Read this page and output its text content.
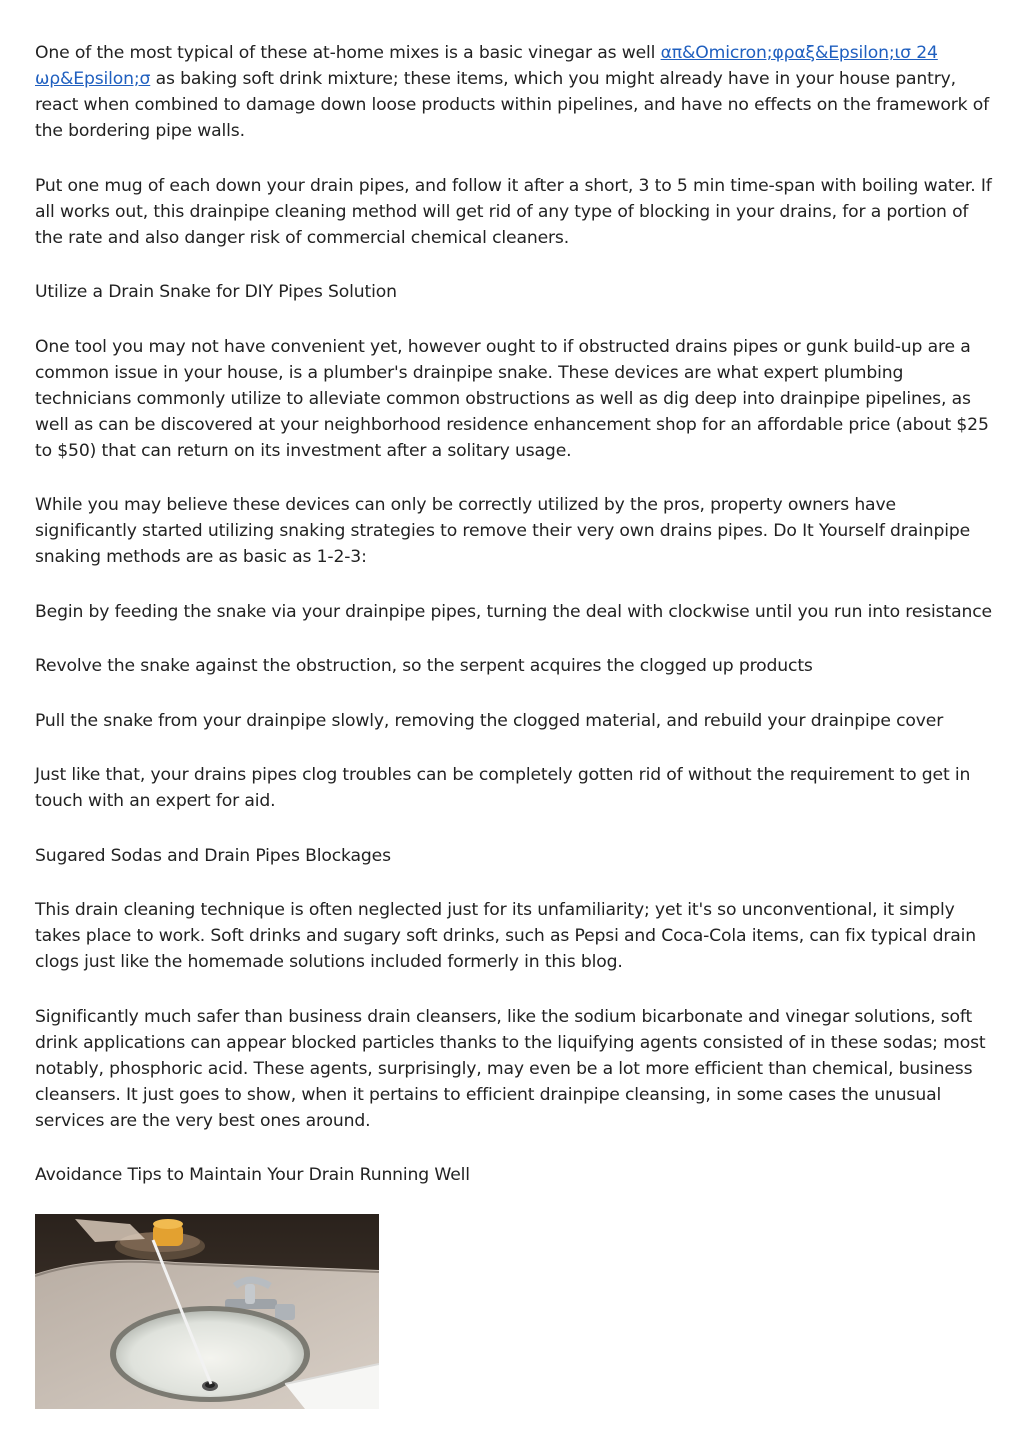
One of the most typical of these at-home mixes is a basic vinegar as well απ&Omicron;φραξ&Epsilon;ισ 24 ωρ&Epsilon;σ as baking soft drink mixture; these items, which you might already have in your house pantry, react when combined to damage down loose products within pipelines, and have no effects on the framework of the bordering pipe walls.

Put one mug of each down your drain pipes, and follow it after a short, 3 to 5 min time-span with boiling water. If all works out, this drainpipe cleaning method will get rid of any type of blocking in your drains, for a portion of the rate and also danger risk of commercial chemical cleaners.

Utilize a Drain Snake for DIY Pipes Solution

One tool you may not have convenient yet, however ought to if obstructed drains pipes or gunk build-up are a common issue in your house, is a plumber's drainpipe snake. These devices are what expert plumbing technicians commonly utilize to alleviate common obstructions as well as dig deep into drainpipe pipelines, as well as can be discovered at your neighborhood residence enhancement shop for an affordable price (about $25 to $50) that can return on its investment after a solitary usage.

While you may believe these devices can only be correctly utilized by the pros, property owners have significantly started utilizing snaking strategies to remove their very own drains pipes. Do It Yourself drainpipe snaking methods are as basic as 1-2-3:

Begin by feeding the snake via your drainpipe pipes, turning the deal with clockwise until you run into resistance

Revolve the snake against the obstruction, so the serpent acquires the clogged up products

Pull the snake from your drainpipe slowly, removing the clogged material, and rebuild your drainpipe cover

Just like that, your drains pipes clog troubles can be completely gotten rid of without the requirement to get in touch with an expert for aid.

Sugared Sodas and Drain Pipes Blockages

This drain cleaning technique is often neglected just for its unfamiliarity; yet it's so unconventional, it simply takes place to work. Soft drinks and sugary soft drinks, such as Pepsi and Coca-Cola items, can fix typical drain clogs just like the homemade solutions included formerly in this blog.

Significantly much safer than business drain cleansers, like the sodium bicarbonate and vinegar solutions, soft drink applications can appear blocked particles thanks to the liquifying agents consisted of in these sodas; most notably, phosphoric acid. These agents, surprisingly, may even be a lot more efficient than chemical, business cleansers. It just goes to show, when it pertains to efficient drainpipe cleansing, in some cases the unusual services are the very best ones around.

Avoidance Tips to Maintain Your Drain Running Well
